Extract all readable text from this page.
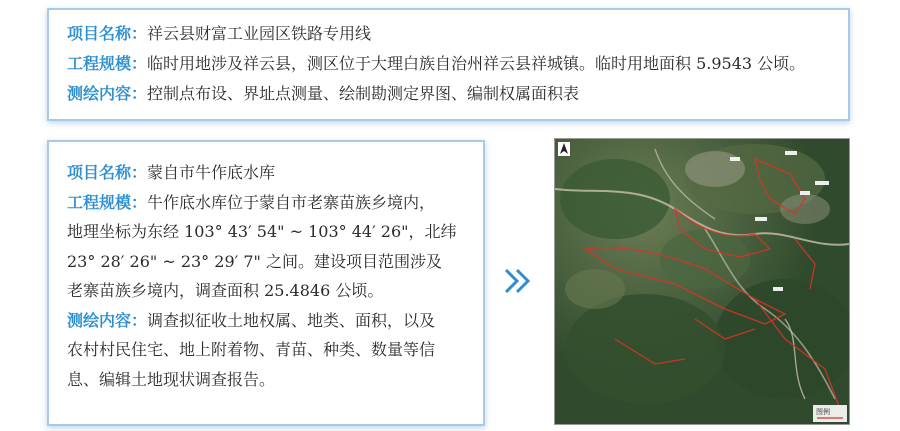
项目名称：祥云县财富工业园区铁路专用线
工程规模：临时用地涉及祥云县，测区位于大理白族自治州祥云县祥城镇。临时用地面积 5.9543 公顷。
测绘内容：控制点布设、界址点测量、绘制勘测定界图、编制权属面积表
项目名称：蒙自市牛作底水库
工程规模：牛作底水库位于蒙自市老寨苗族乡境内，
地理坐标为东经 103° 43′ 54" ~ 103° 44′ 26"，北纬
23° 28′ 26" ~ 23° 29′ 7" 之间。建设项目范围涉及
老寨苗族乡境内，调查面积 25.4846 公顷。
测绘内容：调查拟征收土地权属、地类、面积，以及
农村村民住宅、地上附着物、青苗、种类、数量等信
息、编辑土地现状调查报告。
图例
